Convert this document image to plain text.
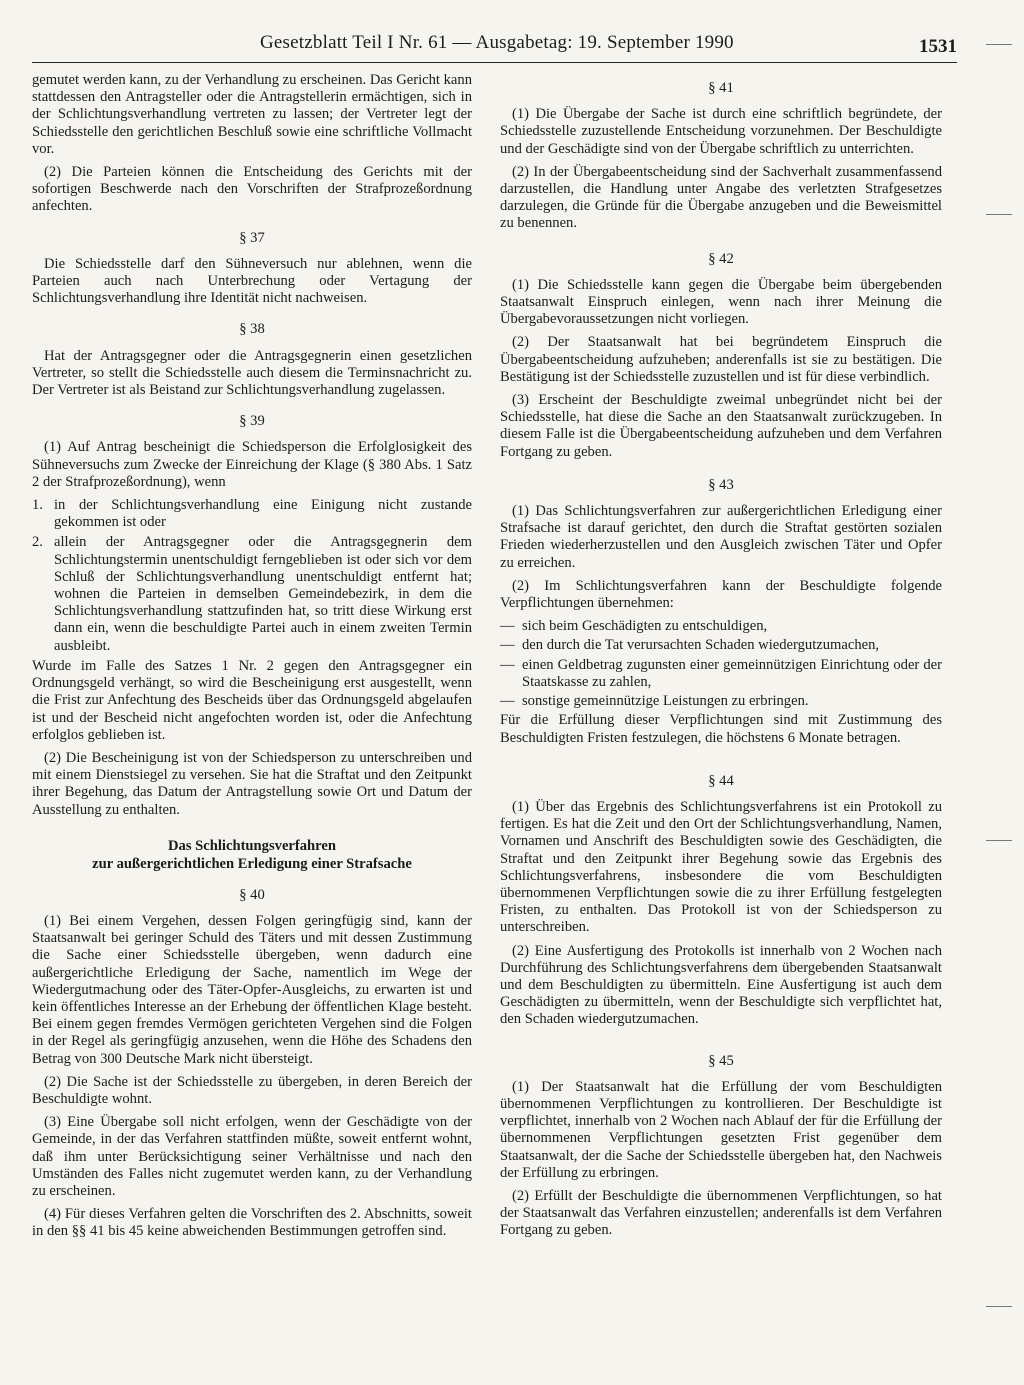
Gesetzblatt Teil I Nr. 61 — Ausgabetag: 19. September 1990	1531

gemutet werden kann, zu der Verhandlung zu erscheinen. Das Gericht kann stattdessen den Antragsteller oder die Antragstellerin ermächtigen, sich in der Schlichtungsverhandlung vertreten zu lassen; der Vertreter legt der Schiedsstelle den gerichtlichen Beschluß sowie eine schriftliche Vollmacht vor.

(2) Die Parteien können die Entscheidung des Gerichts mit der sofortigen Beschwerde nach den Vorschriften der Strafprozeßordnung anfechten.

§ 37

Die Schiedsstelle darf den Sühneversuch nur ablehnen, wenn die Parteien auch nach Unterbrechung oder Vertagung der Schlichtungsverhandlung ihre Identität nicht nachweisen.

§ 38

Hat der Antragsgegner oder die Antragsgegnerin einen gesetzlichen Vertreter, so stellt die Schiedsstelle auch diesem die Terminsnachricht zu. Der Vertreter ist als Beistand zur Schlichtungsverhandlung zugelassen.

§ 39

(1) Auf Antrag bescheinigt die Schiedsperson die Erfolglosigkeit des Sühneversuchs zum Zwecke der Einreichung der Klage (§ 380 Abs. 1 Satz 2 der Strafprozeßordnung), wenn

1. in der Schlichtungsverhandlung eine Einigung nicht zustande gekommen ist oder
2. allein der Antragsgegner oder die Antragsgegnerin dem Schlichtungstermin unentschuldigt ferngeblieben ist oder sich vor dem Schluß der Schlichtungsverhandlung unentschuldigt entfernt hat; wohnen die Parteien in demselben Gemeindebezirk, in dem die Schlichtungsverhandlung stattzufinden hat, so tritt diese Wirkung erst dann ein, wenn die beschuldigte Partei auch in einem zweiten Termin ausbleibt.

Wurde im Falle des Satzes 1 Nr. 2 gegen den Antragsgegner ein Ordnungsgeld verhängt, so wird die Bescheinigung erst ausgestellt, wenn die Frist zur Anfechtung des Bescheids über das Ordnungsgeld abgelaufen ist und der Bescheid nicht angefochten worden ist, oder die Anfechtung erfolglos geblieben ist.

(2) Die Bescheinigung ist von der Schiedsperson zu unterschreiben und mit einem Dienstsiegel zu versehen. Sie hat die Straftat und den Zeitpunkt ihrer Begehung, das Datum der Antragstellung sowie Ort und Datum der Ausstellung zu enthalten.

Das Schlichtungsverfahren
zur außergerichtlichen Erledigung einer Strafsache
§ 40

(1) Bei einem Vergehen, dessen Folgen geringfügig sind, kann der Staatsanwalt bei geringer Schuld des Täters und mit dessen Zustimmung die Sache einer Schiedsstelle übergeben, wenn dadurch eine außergerichtliche Erledigung der Sache, namentlich im Wege der Wiedergutmachung oder des Täter-Opfer-Ausgleichs, zu erwarten ist und kein öffentliches Interesse an der Erhebung der öffentlichen Klage besteht. Bei einem gegen fremdes Vermögen gerichteten Vergehen sind die Folgen in der Regel als geringfügig anzusehen, wenn die Höhe des Schadens den Betrag von 300 Deutsche Mark nicht übersteigt.

(2) Die Sache ist der Schiedsstelle zu übergeben, in deren Bereich der Beschuldigte wohnt.

(3) Eine Übergabe soll nicht erfolgen, wenn der Geschädigte von der Gemeinde, in der das Verfahren stattfinden müßte, soweit entfernt wohnt, daß ihm unter Berücksichtigung seiner Verhältnisse und nach den Umständen des Falles nicht zugemutet werden kann, zu der Verhandlung zu erscheinen.

(4) Für dieses Verfahren gelten die Vorschriften des 2. Abschnitts, soweit in den §§ 41 bis 45 keine abweichenden Bestimmungen getroffen sind.

§ 41

(1) Die Übergabe der Sache ist durch eine schriftlich begründete, der Schiedsstelle zuzustellende Entscheidung vorzunehmen. Der Beschuldigte und der Geschädigte sind von der Übergabe schriftlich zu unterrichten.

(2) In der Übergabeentscheidung sind der Sachverhalt zusammenfassend darzustellen, die Handlung unter Angabe des verletzten Strafgesetzes darzulegen, die Gründe für die Übergabe anzugeben und die Beweismittel zu benennen.

§ 42

(1) Die Schiedsstelle kann gegen die Übergabe beim übergebenden Staatsanwalt Einspruch einlegen, wenn nach ihrer Meinung die Übergabevoraussetzungen nicht vorliegen.

(2) Der Staatsanwalt hat bei begründetem Einspruch die Übergabeentscheidung aufzuheben; anderenfalls ist sie zu bestätigen. Die Bestätigung ist der Schiedsstelle zuzustellen und ist für diese verbindlich.

(3) Erscheint der Beschuldigte zweimal unbegründet nicht bei der Schiedsstelle, hat diese die Sache an den Staatsanwalt zurückzugeben. In diesem Falle ist die Übergabeentscheidung aufzuheben und dem Verfahren Fortgang zu geben.

§ 43

(1) Das Schlichtungsverfahren zur außergerichtlichen Erledigung einer Strafsache ist darauf gerichtet, den durch die Straftat gestörten sozialen Frieden wiederherzustellen und den Ausgleich zwischen Täter und Opfer zu erreichen.

(2) Im Schlichtungsverfahren kann der Beschuldigte folgende Verpflichtungen übernehmen:

— sich beim Geschädigten zu entschuldigen,
— den durch die Tat verursachten Schaden wiedergutzumachen,
— einen Geldbetrag zugunsten einer gemeinnützigen Einrichtung oder der Staatskasse zu zahlen,
— sonstige gemeinnützige Leistungen zu erbringen.

Für die Erfüllung dieser Verpflichtungen sind mit Zustimmung des Beschuldigten Fristen festzulegen, die höchstens 6 Monate betragen.

§ 44

(1) Über das Ergebnis des Schlichtungsverfahrens ist ein Protokoll zu fertigen. Es hat die Zeit und den Ort der Schlichtungsverhandlung, Namen, Vornamen und Anschrift des Beschuldigten sowie des Geschädigten, die Straftat und den Zeitpunkt ihrer Begehung sowie das Ergebnis des Schlichtungsverfahrens, insbesondere die vom Beschuldigten übernommenen Verpflichtungen sowie die zu ihrer Erfüllung festgelegten Fristen, zu enthalten. Das Protokoll ist von der Schiedsperson zu unterschreiben.

(2) Eine Ausfertigung des Protokolls ist innerhalb von 2 Wochen nach Durchführung des Schlichtungsverfahrens dem übergebenden Staatsanwalt und dem Beschuldigten zu übermitteln. Eine Ausfertigung ist auch dem Geschädigten zu übermitteln, wenn der Beschuldigte sich verpflichtet hat, den Schaden wiedergutzumachen.

§ 45

(1) Der Staatsanwalt hat die Erfüllung der vom Beschuldigten übernommenen Verpflichtungen zu kontrollieren. Der Beschuldigte ist verpflichtet, innerhalb von 2 Wochen nach Ablauf der für die Erfüllung der übernommenen Verpflichtungen gesetzten Frist gegenüber dem Staatsanwalt, der die Sache der Schiedsstelle übergeben hat, den Nachweis der Erfüllung zu erbringen.

(2) Erfüllt der Beschuldigte die übernommenen Verpflichtungen, so hat der Staatsanwalt das Verfahren einzustellen; anderenfalls ist dem Verfahren Fortgang zu geben.
